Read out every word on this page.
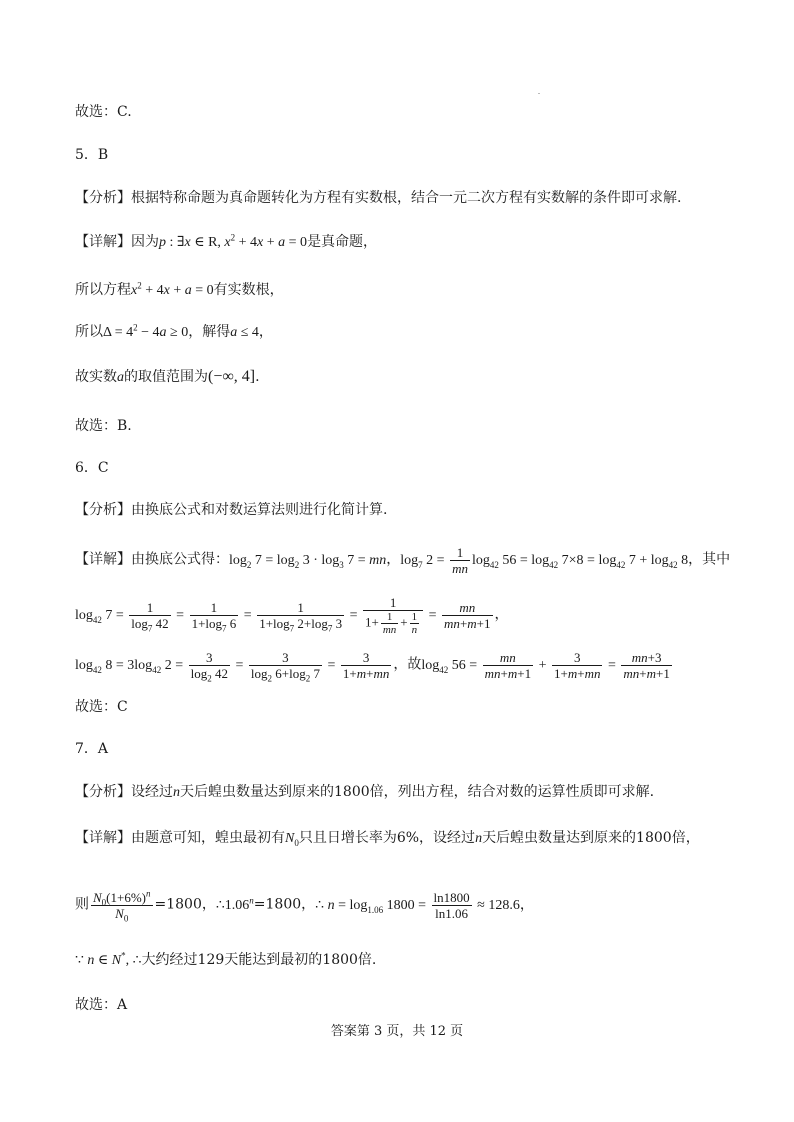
故选：C.
5．B
【分析】根据特称命题为真命题转化为方程有实数根，结合一元二次方程有实数解的条件即可求解.
【详解】因为p : ∃x ∈ R, $x^2 + 4x + a = 0$是真命题，
所以方程$x^2 + 4x + a = 0$有实数根，
所以$\Delta = 4^2 - 4a \ge 0$，解得a ≤ 4，
故实数a的取值范围为(−∞, 4].
故选：B.
6．C
【分析】由换底公式和对数运算法则进行化简计算.
【详解】由换底公式得：$\log_2 7 = \log_2 3 \cdot \log_3 7$ = mn，$\log_7 2 = \frac{1}{mn} \log_{42} 56 = \log_{42} 7\times 8 = \log_{42} 7 + \log_{42} 8$，其中
$\log_{42} 7 = \frac{1}{\log_7 42} = \frac{1}{1+\log_7 6} = \frac{1}{1+\log_7 2+\log_7 3} = \frac{1}{1+ \frac{1}{mn} + \frac{1}{n}} = \frac{mn}{mn+m+1}$ ，
$\log_{42} 8 = 3\log_{42}$ $2 = \frac{3}{\log_2 42} = \frac{3}{\log_2 6+\log_2 7} = \frac{3}{1+m+mn}$ ，故$\log_{42} 56 = \frac{mn}{mn+m+1} + \frac{3}{1+m+mn} = \frac{mn+3}{mn+m+1}$
故选：C
7．A
【分析】设经过n天后蝗虫数量达到原来的1800倍，列出方程，结合对数的运算性质即可求解.
【详解】由题意可知，蝗虫最初有$N_0$只且日增长率为6%，设经过n天后蝗虫数量达到原来的1800倍，
则 $\frac{N_0(1+6\%)^n}{N_0} =1800$，$\therefore 1.06^n=1800$，∴ $n = \log_{1.06} 1800 = \frac{\ln 1800}{\ln 1.06} \approx 128.6$，
∵ n ∈ N*, ∴大约经过129天能达到最初的1800倍.
故选：A
答案第 3 页，共 12 页
